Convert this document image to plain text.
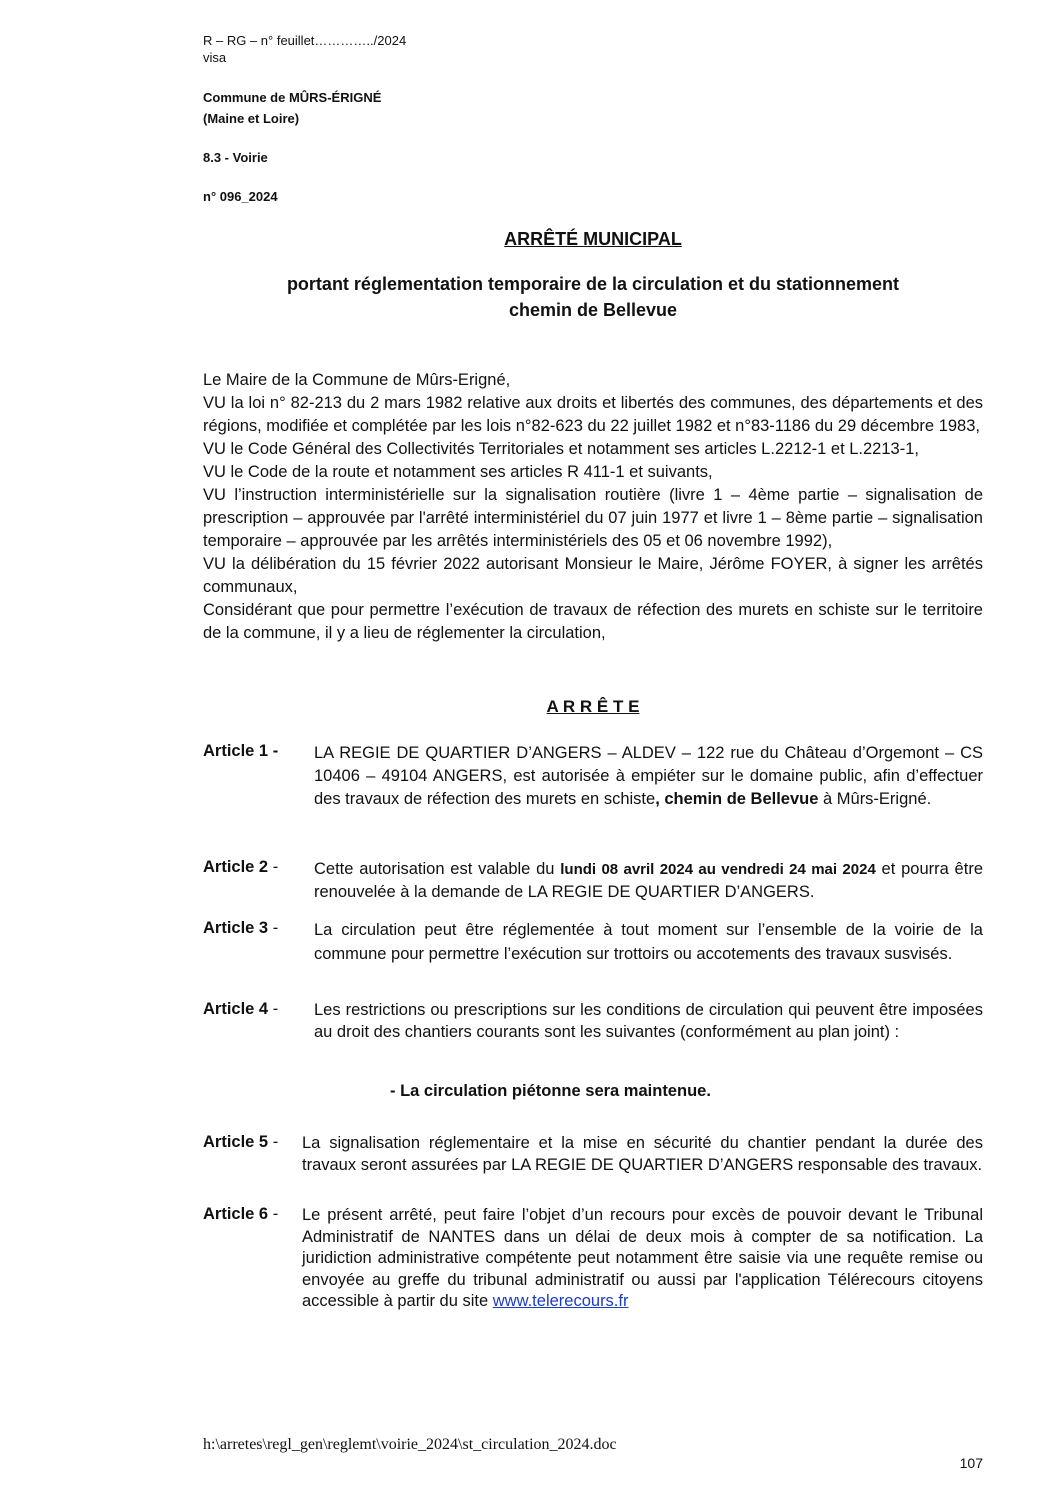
R – RG – n° feuillet…………../2024
visa
Commune de MÛRS-ÉRIGNÉ
(Maine et Loire)
8.3 - Voirie
n° 096_2024
ARRÊTÉ MUNICIPAL
portant réglementation temporaire de la circulation et du stationnement
chemin de Bellevue
Le Maire de la Commune de Mûrs-Erigné,
VU la loi n° 82-213 du 2 mars 1982 relative aux droits et libertés des communes, des départements et des régions, modifiée et complétée par les lois n°82-623 du 22 juillet 1982 et n°83-1186 du 29 décembre 1983,
VU le Code Général des Collectivités Territoriales et notamment ses articles L.2212-1 et L.2213-1,
VU le Code de la route et notamment ses articles R 411-1 et suivants,
VU l’instruction interministérielle sur la signalisation routière (livre 1 – 4ème partie – signalisation de prescription – approuvée par l'arrêté interministériel du 07 juin 1977 et livre 1 – 8ème partie – signalisation temporaire – approuvée par les arrêtés interministériels des 05 et 06 novembre 1992),
VU la délibération du 15 février 2022 autorisant Monsieur le Maire, Jérôme FOYER, à signer les arrêtés communaux,
Considérant que pour permettre l’exécution de travaux de réfection des murets en schiste sur le territoire de la commune, il y a lieu de réglementer la circulation,
A R R Ê T E
Article 1 - LA REGIE DE QUARTIER D’ANGERS – ALDEV – 122 rue du Château d’Orgemont – CS 10406 – 49104 ANGERS, est autorisée à empiéter sur le domaine public, afin d’effectuer des travaux de réfection des murets en schiste, chemin de Bellevue à Mûrs-Erigné.
Article 2 - Cette autorisation est valable du lundi 08 avril 2024 au vendredi 24 mai 2024 et pourra être renouvelée à la demande de LA REGIE DE QUARTIER D’ANGERS.
Article 3 - La circulation peut être réglementée à tout moment sur l’ensemble de la voirie de la commune pour permettre l’exécution sur trottoirs ou accotements des travaux susvisés.
Article 4 - Les restrictions ou prescriptions sur les conditions de circulation qui peuvent être imposées au droit des chantiers courants sont les suivantes (conformément au plan joint) :
- La circulation piétonne sera maintenue.
Article 5 - La signalisation réglementaire et la mise en sécurité du chantier pendant la durée des travaux seront assurées par LA REGIE DE QUARTIER D’ANGERS responsable des travaux.
Article 6 - Le présent arrêté, peut faire l’objet d’un recours pour excès de pouvoir devant le Tribunal Administratif de NANTES dans un délai de deux mois à compter de sa notification. La juridiction administrative compétente peut notamment être saisie via une requête remise ou envoyée au greffe du tribunal administratif ou aussi par l'application Télérecours citoyens accessible à partir du site www.telerecours.fr
h:\arretes\regl_gen\reglemt\voirie_2024\st_circulation_2024.doc
107
